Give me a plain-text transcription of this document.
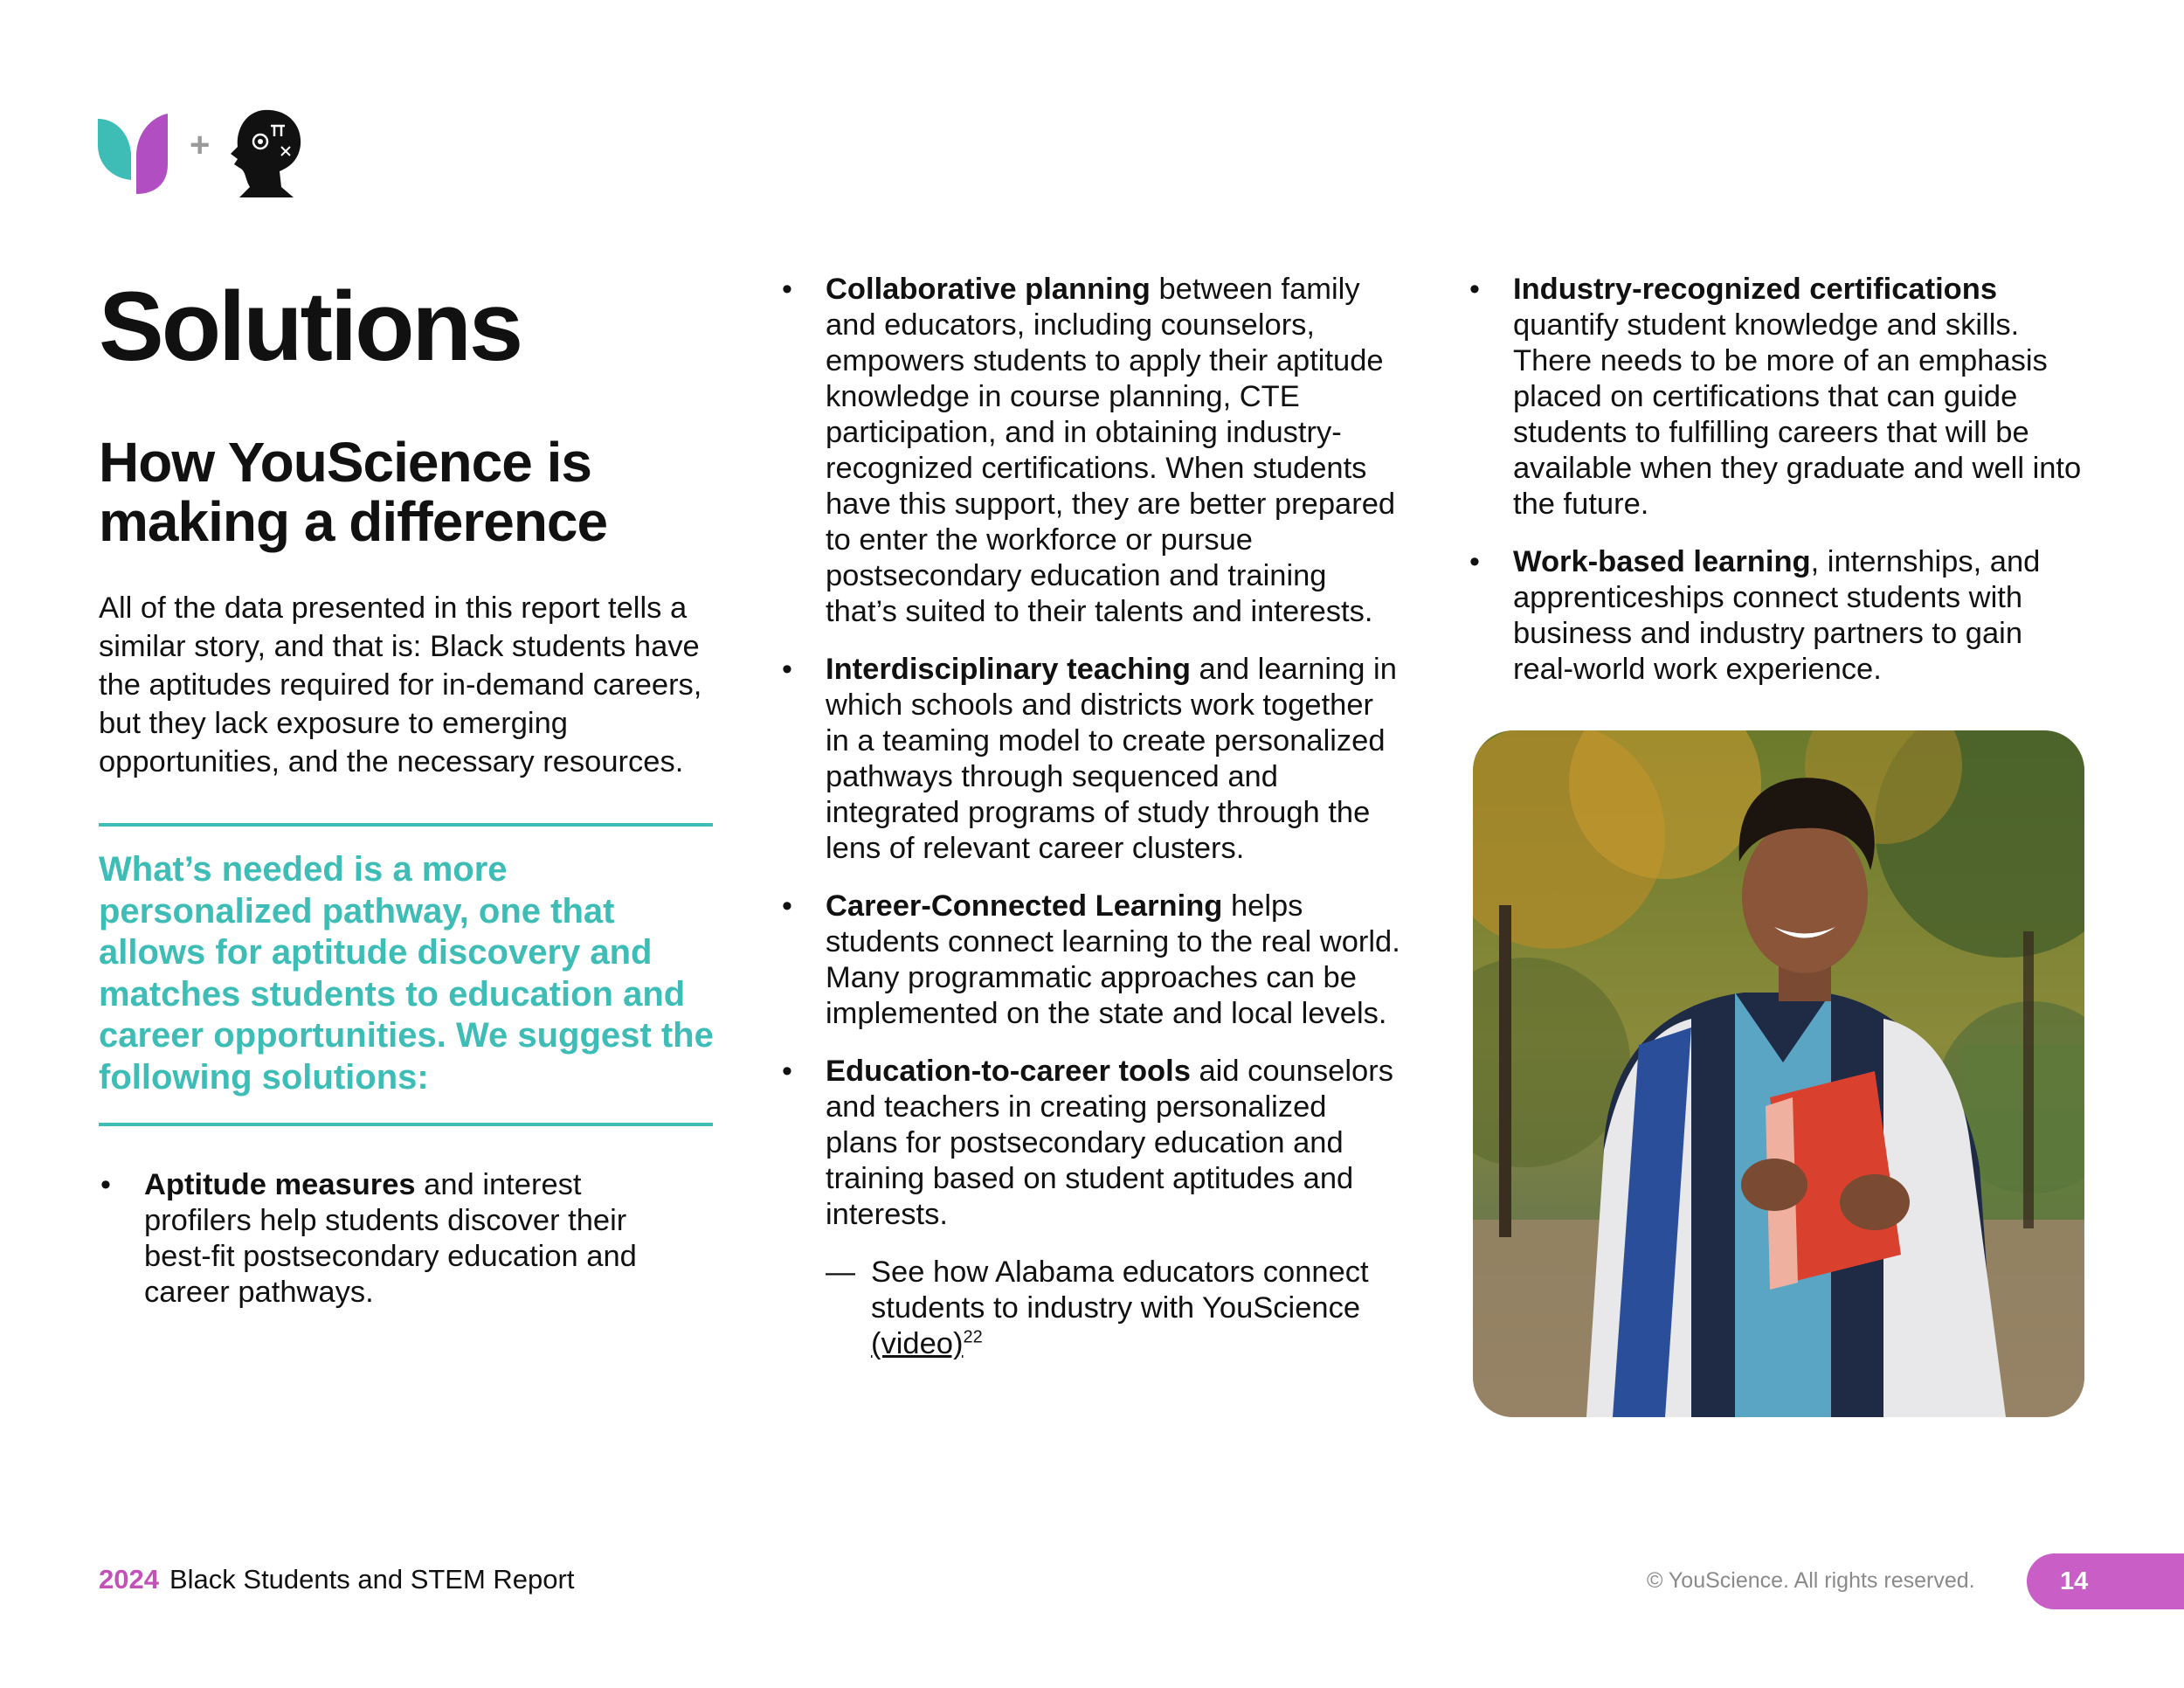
+
Solutions
How YouScience is making a difference

All of the data presented in this report tells a similar story, and that is: Black students have the aptitudes required for in-demand careers, but they lack exposure to emerging opportunities, and the necessary resources.

What’s needed is a more personalized pathway, one that allows for aptitude discovery and matches students to education and career opportunities. We suggest the following solutions:

• Aptitude measures and interest profilers help students discover their best-fit postsecondary education and career pathways.
• Collaborative planning between family and educators, including counselors, empowers students to apply their aptitude knowledge in course planning, CTE participation, and in obtaining industry-recognized certifications. When students have this support, they are better prepared to enter the workforce or pursue postsecondary education and training that’s suited to their talents and interests.
• Interdisciplinary teaching and learning in which schools and districts work together in a teaming model to create personalized pathways through sequenced and integrated programs of study through the lens of relevant career clusters.
• Career-Connected Learning helps students connect learning to the real world. Many programmatic approaches can be implemented on the state and local levels.
• Education-to-career tools aid counselors and teachers in creating personalized plans for postsecondary education and training based on student aptitudes and interests.
— See how Alabama educators connect students to industry with YouScience (video)$^{22}$
• Industry-recognized certifications quantify student knowledge and skills. There needs to be more of an emphasis placed on certifications that can guide students to fulfilling careers that will be available when they graduate and well into the future.
• Work-based learning, internships, and apprenticeships connect students with business and industry partners to gain real-world work experience.
2024 Black Students and STEM Report	© YouScience. All rights reserved.	14
